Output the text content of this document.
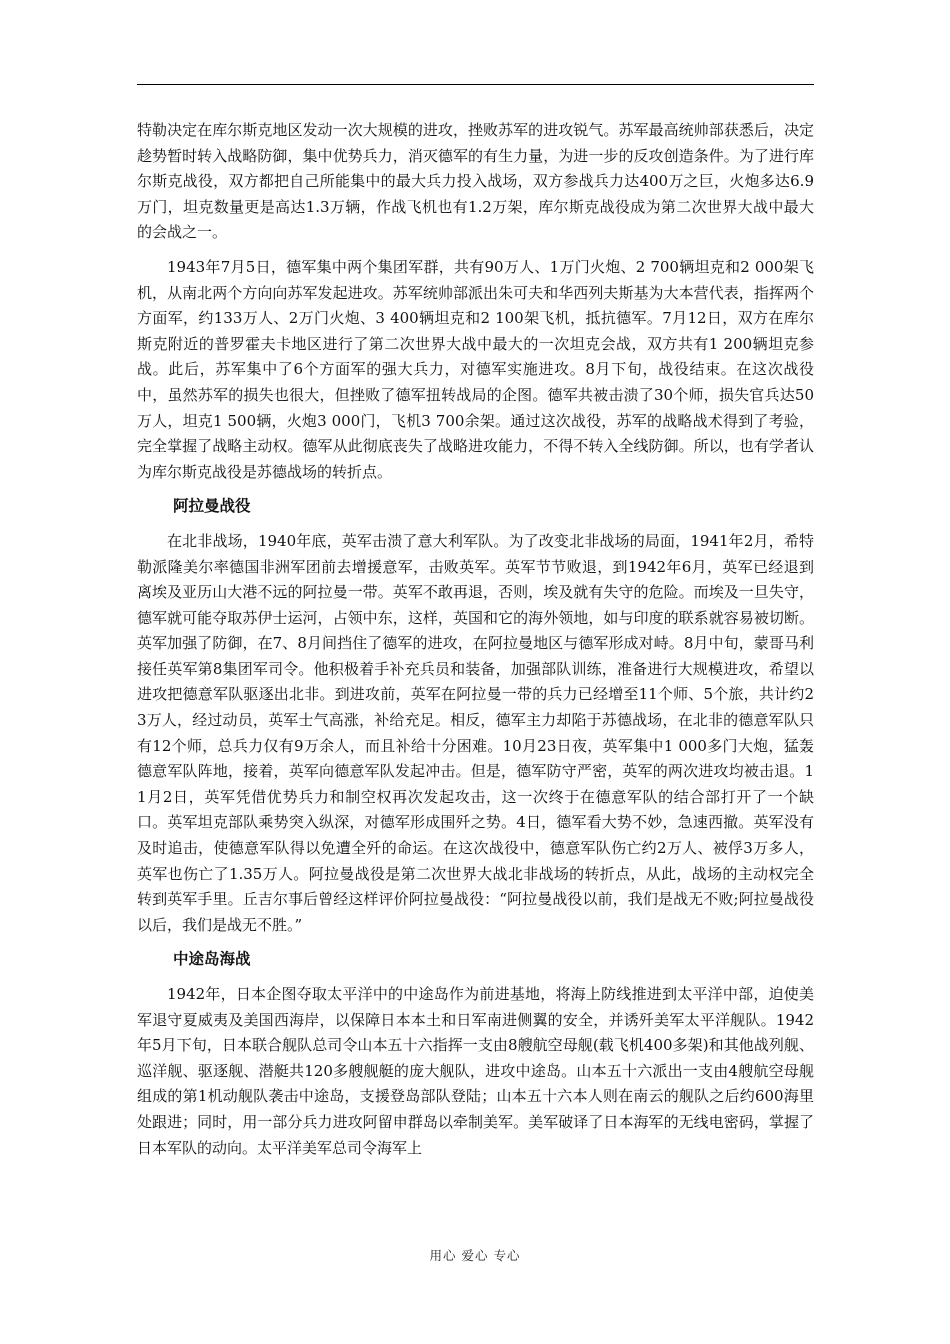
特勒决定在库尔斯克地区发动一次大规模的进攻，挫败苏军的进攻锐气。苏军最高统帅部获悉后，决定趁势暂时转入战略防御，集中优势兵力，消灭德军的有生力量，为进一步的反攻创造条件。为了进行库尔斯克战役，双方都把自己所能集中的最大兵力投入战场，双方参战兵力达400万之巨，火炮多达6.9万门，坦克数量更是高达1.3万辆，作战飞机也有1.2万架，库尔斯克战役成为第二次世界大战中最大的会战之一。

1943年7月5日，德军集中两个集团军群，共有90万人、1万门火炮、2 700辆坦克和2 000架飞机，从南北两个方向向苏军发起进攻。苏军统帅部派出朱可夫和华西列夫斯基为大本营代表，指挥两个方面军，约133万人、2万门火炮、3 400辆坦克和2 100架飞机，抵抗德军。7月12日，双方在库尔斯克附近的普罗霍夫卡地区进行了第二次世界大战中最大的一次坦克会战，双方共有1 200辆坦克参战。此后，苏军集中了6个方面军的强大兵力，对德军实施进攻。8月下旬，战役结束。在这次战役中，虽然苏军的损失也很大，但挫败了德军扭转战局的企图。德军共被击溃了30个师，损失官兵达50万人，坦克1 500辆，火炮3 000门，飞机3 700余架。通过这次战役，苏军的战略战术得到了考验，完全掌握了战略主动权。德军从此彻底丧失了战略进攻能力，不得不转入全线防御。所以，也有学者认为库尔斯克战役是苏德战场的转折点。

阿拉曼战役

在北非战场，1940年底，英军击溃了意大利军队。为了改变北非战场的局面，1941年2月，希特勒派隆美尔率德国非洲军团前去增援意军，击败英军。英军节节败退，到1942年6月，英军已经退到离埃及亚历山大港不远的阿拉曼一带。英军不敢再退，否则，埃及就有失守的危险。而埃及一旦失守，德军就可能夺取苏伊士运河，占领中东，这样，英国和它的海外领地，如与印度的联系就容易被切断。英军加强了防御，在7、8月间挡住了德军的进攻，在阿拉曼地区与德军形成对峙。8月中旬，蒙哥马利接任英军第8集团军司令。他积极着手补充兵员和装备，加强部队训练，准备进行大规模进攻，希望以进攻把德意军队驱逐出北非。到进攻前，英军在阿拉曼一带的兵力已经增至11个师、5个旅，共计约23万人，经过动员，英军士气高涨，补给充足。相反，德军主力却陷于苏德战场，在北非的德意军队只有12个师，总兵力仅有9万余人，而且补给十分困难。10月23日夜，英军集中1 000多门大炮，猛轰德意军队阵地，接着，英军向德意军队发起冲击。但是，德军防守严密，英军的两次进攻均被击退。11月2日，英军凭借优势兵力和制空权再次发起攻击，这一次终于在德意军队的结合部打开了一个缺口。英军坦克部队乘势突入纵深，对德军形成围歼之势。4日，德军看大势不妙，急速西撤。英军没有及时追击，使德意军队得以免遭全歼的命运。在这次战役中，德意军队伤亡约2万人、被俘3万多人，英军也伤亡了1.35万人。阿拉曼战役是第二次世界大战北非战场的转折点，从此，战场的主动权完全转到英军手里。丘吉尔事后曾经这样评价阿拉曼战役：“阿拉曼战役以前，我们是战无不败;阿拉曼战役以后，我们是战无不胜。”

中途岛海战

1942年，日本企图夺取太平洋中的中途岛作为前进基地，将海上防线推进到太平洋中部，迫使美军退守夏威夷及美国西海岸，以保障日本本土和日军南进侧翼的安全，并诱歼美军太平洋舰队。1942年5月下旬，日本联合舰队总司令山本五十六指挥一支由8艘航空母舰(载飞机400多架)和其他战列舰、巡洋舰、驱逐舰、潜艇共120多艘舰艇的庞大舰队，进攻中途岛。山本五十六派出一支由4艘航空母舰组成的第1机动舰队袭击中途岛，支援登岛部队登陆；山本五十六本人则在南云的舰队之后约600海里处跟进；同时，用一部分兵力进攻阿留申群岛以牵制美军。美军破译了日本海军的无线电密码，掌握了日本军队的动向。太平洋美军总司令海军上

用心 爱心 专心
